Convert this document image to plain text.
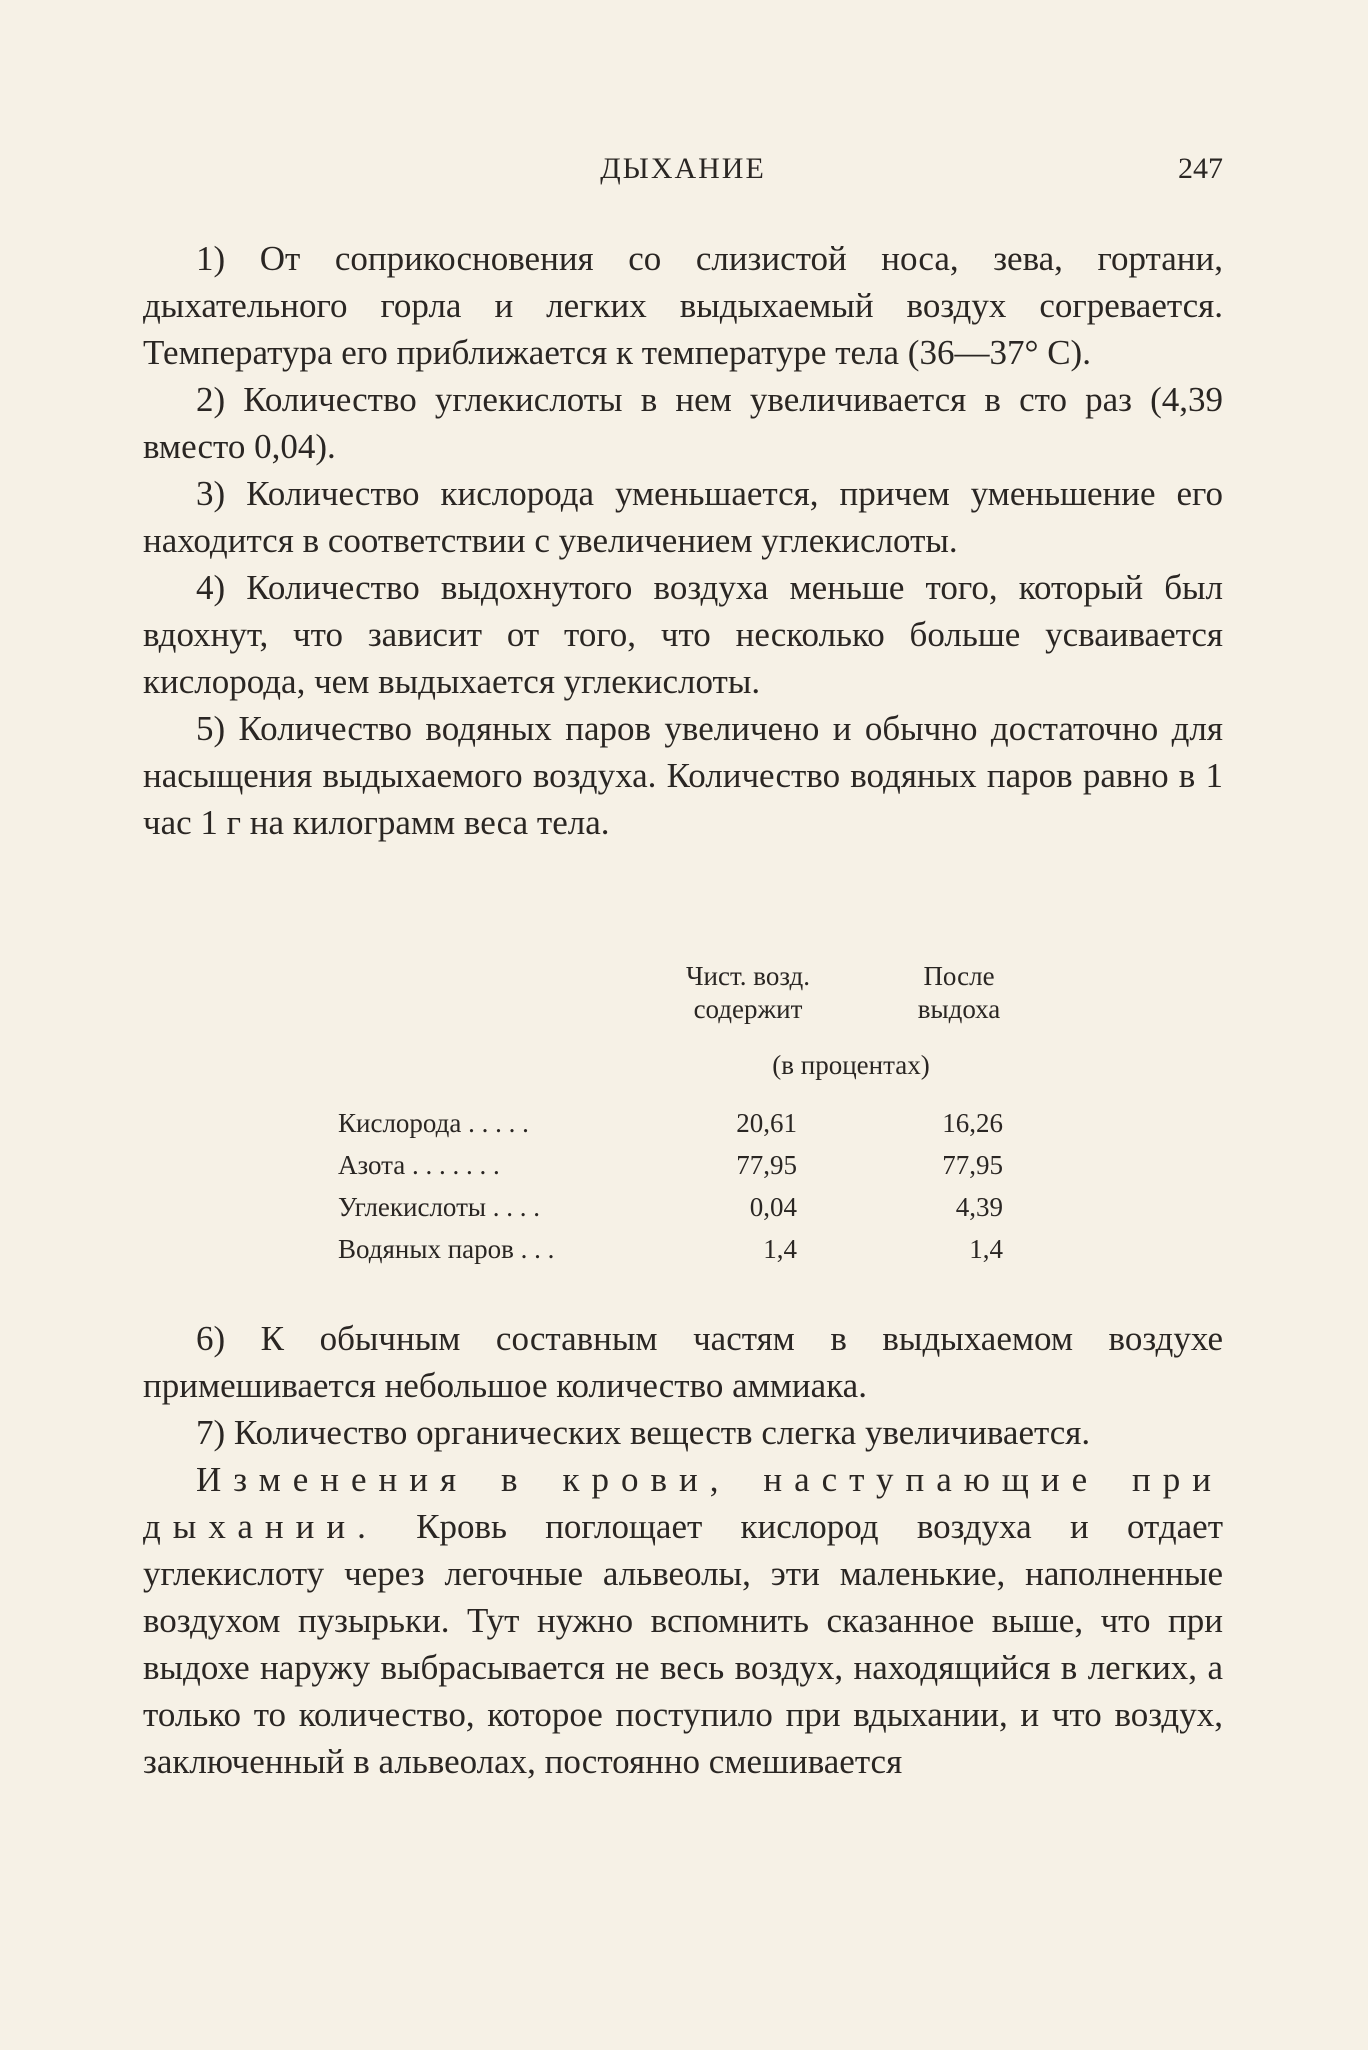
ДЫХАНИЕ	247

1) От соприкосновения со слизистой носа, зева, гортани, дыхательного горла и легких выдыхаемый воздух согревается. Температура его приближается к температуре тела (36—37° С).

2) Количество углекислоты в нем увеличивается в сто раз (4,39 вместо 0,04).

3) Количество кислорода уменьшается, причем уменьшение его находится в соответствии с увеличением углекислоты.

4) Количество выдохнутого воздуха меньше того, который был вдохнут, что зависит от того, что несколько больше усваивается кислорода, чем выдыхается углекислоты.

5) Количество водяных паров увеличено и обычно достаточно для насыщения выдыхаемого воздуха. Количество водяных паров равно в 1 час 1 г на килограмм веса тела.

Чист. возд.
содержит
После
выдоха
(в процентах)
Кислорода . . . . .	20,61	16,26
Азота . . . . . . .	77,95	77,95
Углекислоты . . . .	0,04	4,39
Водяных паров . . .	1,4	1,4

6) К обычным составным частям в выдыхаемом воздухе примешивается небольшое количество аммиака.

7) Количество органических веществ слегка увеличивается.

Изменения в крови, наступающие при дыхании. Кровь поглощает кислород воздуха и отдает углекислоту через легочные альвеолы, эти маленькие, наполненные воздухом пузырьки. Тут нужно вспомнить сказанное выше, что при выдохе наружу выбрасывается не весь воздух, находящийся в легких, а только то количество, которое поступило при вдыхании, и что воздух, заключенный в альвеолах, постоянно смешивается
